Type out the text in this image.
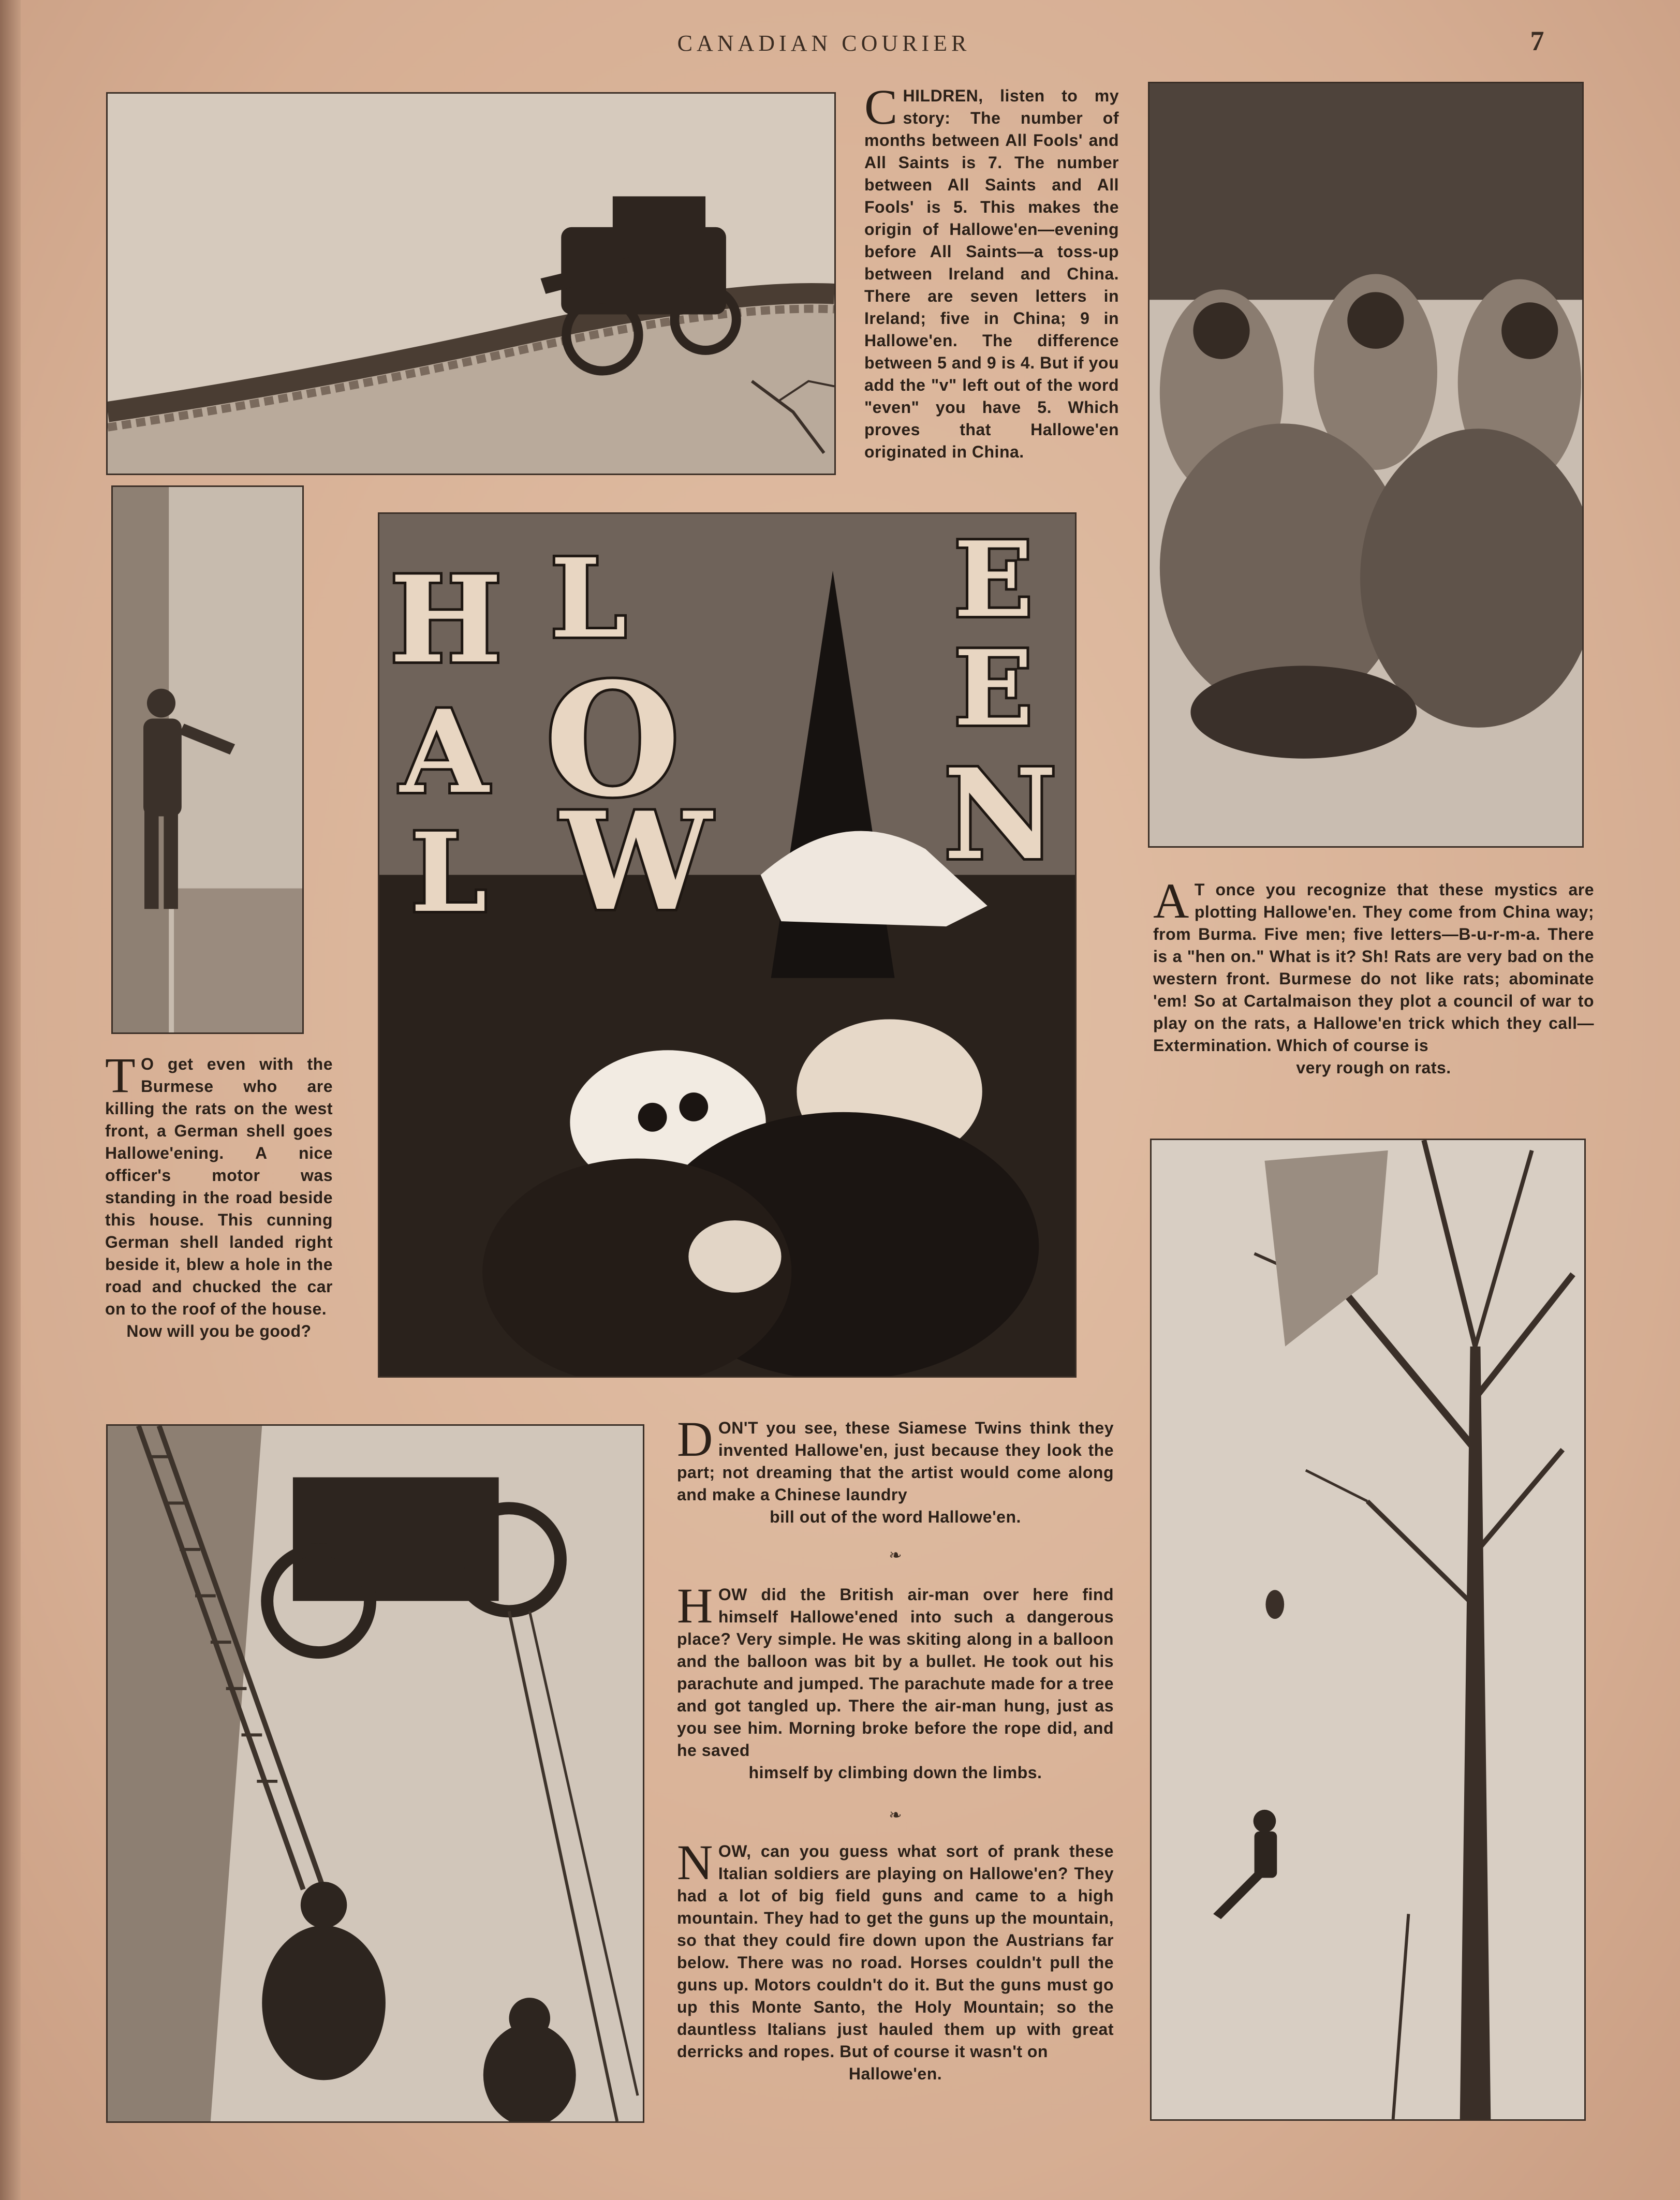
CANADIAN COURIER	7
H
A
L
L
O
W
E
E
N
C HILDREN, listen to my story: The number of months between All Fools' and All Saints is 7. The number between All Saints and All Fools' is 5. This makes the origin of Hallowe'en—evening before All Saints—a toss-up between Ireland and China. There are seven letters in Ireland; five in China; 9 in Hallowe'en. The difference between 5 and 9 is 4. But if you add the "v" left out of the word "even" you have 5. Which proves that Hallowe'en originated in China.
T O get even with the Burmese who are killing the rats on the west front, a German shell goes Hallowe'ening. A nice officer's motor was standing in the road beside this house. This cunning German shell landed right beside it, blew a hole in the road and chucked the car on to the roof of the house.
Now will you be good?
A T once you recognize that these mystics are plotting Hallowe'en. They come from China way; from Burma. Five men; five letters—B-u-r-m-a. There is a "hen on." What is it? Sh! Rats are very bad on the western front. Burmese do not like rats; abominate 'em! So at Cartalmaison they plot a council of war to play on the rats, a Hallowe'en trick which they call—Extermination. Which of course is
very rough on rats.
D ON'T you see, these Siamese Twins think they invented Hallowe'en, just because they look the part; not dreaming that the artist would come along and make a Chinese laundry
bill out of the word Hallowe'en.
❧
H OW did the British air-man over here find himself Hallowe'ened into such a dangerous place? Very simple. He was skiting along in a balloon and the balloon was bit by a bullet. He took out his parachute and jumped. The parachute made for a tree and got tangled up. There the air-man hung, just as you see him. Morning broke before the rope did, and he saved
himself by climbing down the limbs.
❧
N OW, can you guess what sort of prank these Italian soldiers are playing on Hallowe'en? They had a lot of big field guns and came to a high mountain. They had to get the guns up the mountain, so that they could fire down upon the Austrians far below. There was no road. Horses couldn't pull the guns up. Motors couldn't do it. But the guns must go up this Monte Santo, the Holy Mountain; so the dauntless Italians just hauled them up with great derricks and ropes. But of course it wasn't on
Hallowe'en.
